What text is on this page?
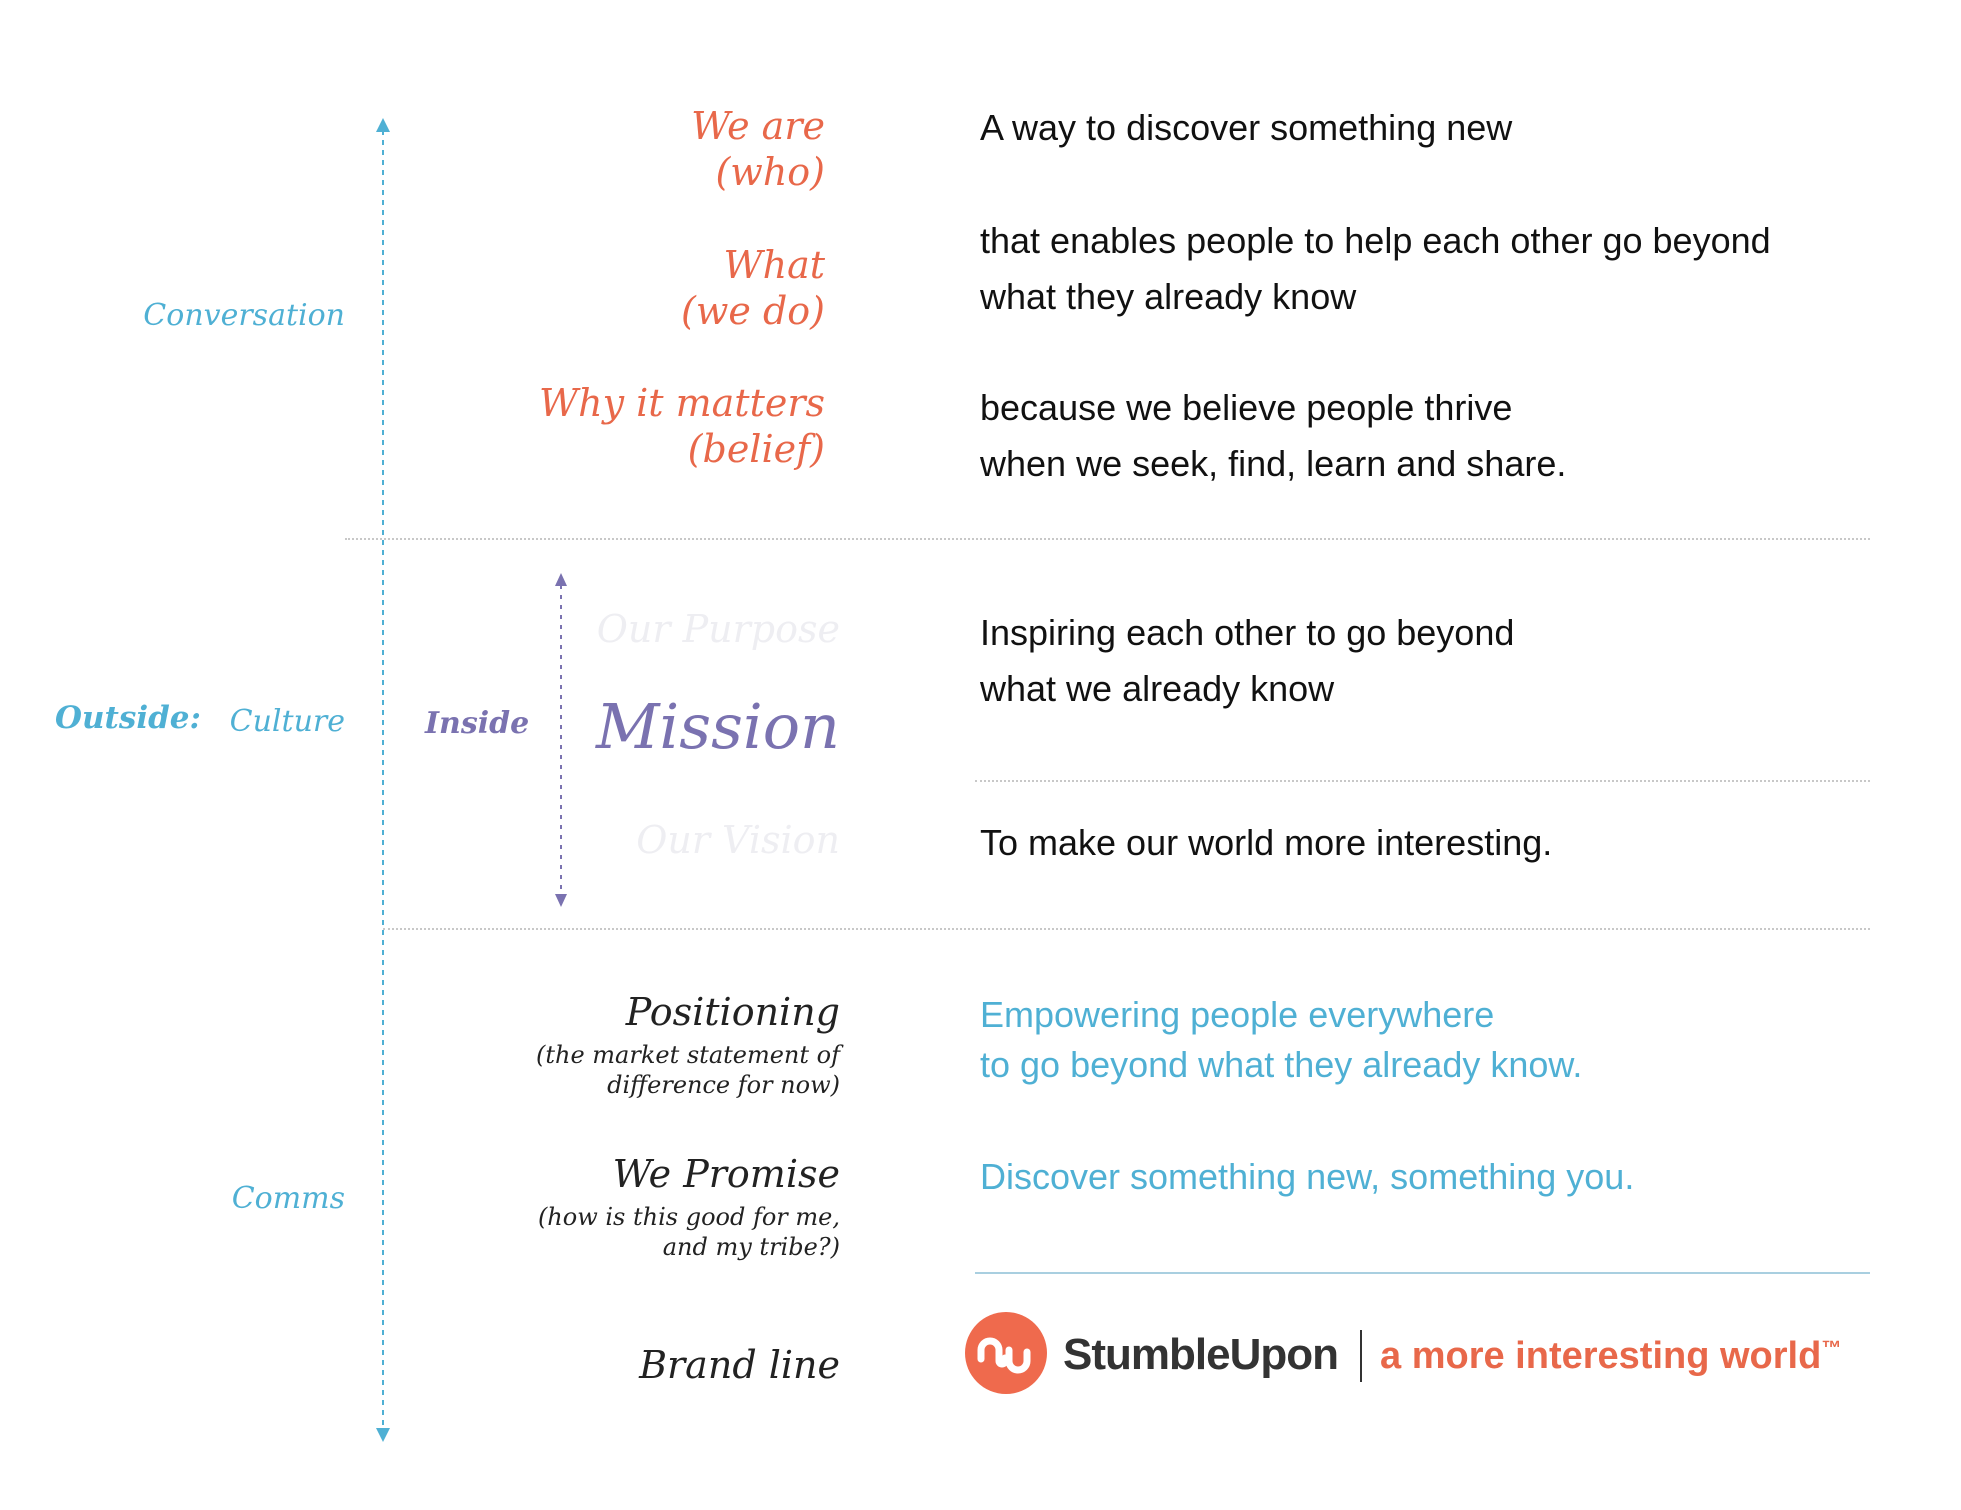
Conversation
Outside: Culture	Inside
Comms
We are
(who)
What
(we do)
Why it matters
(belief)
A way to discover something new
that enables people to help each other go beyond
what they already know
because we believe people thrive
when we seek, find, learn and share.
Our Purpose
Mission
Our Vision
Inspiring each other to go beyond
what we already know
To make our world more interesting.
Positioning
(the market statement of
difference for now)
Empowering people everywhere
to go beyond what they already know.
We Promise
(how is this good for me,
and my tribe?)
Discover something new, something you.
Brand line	StumbleUpon a more interesting world™
